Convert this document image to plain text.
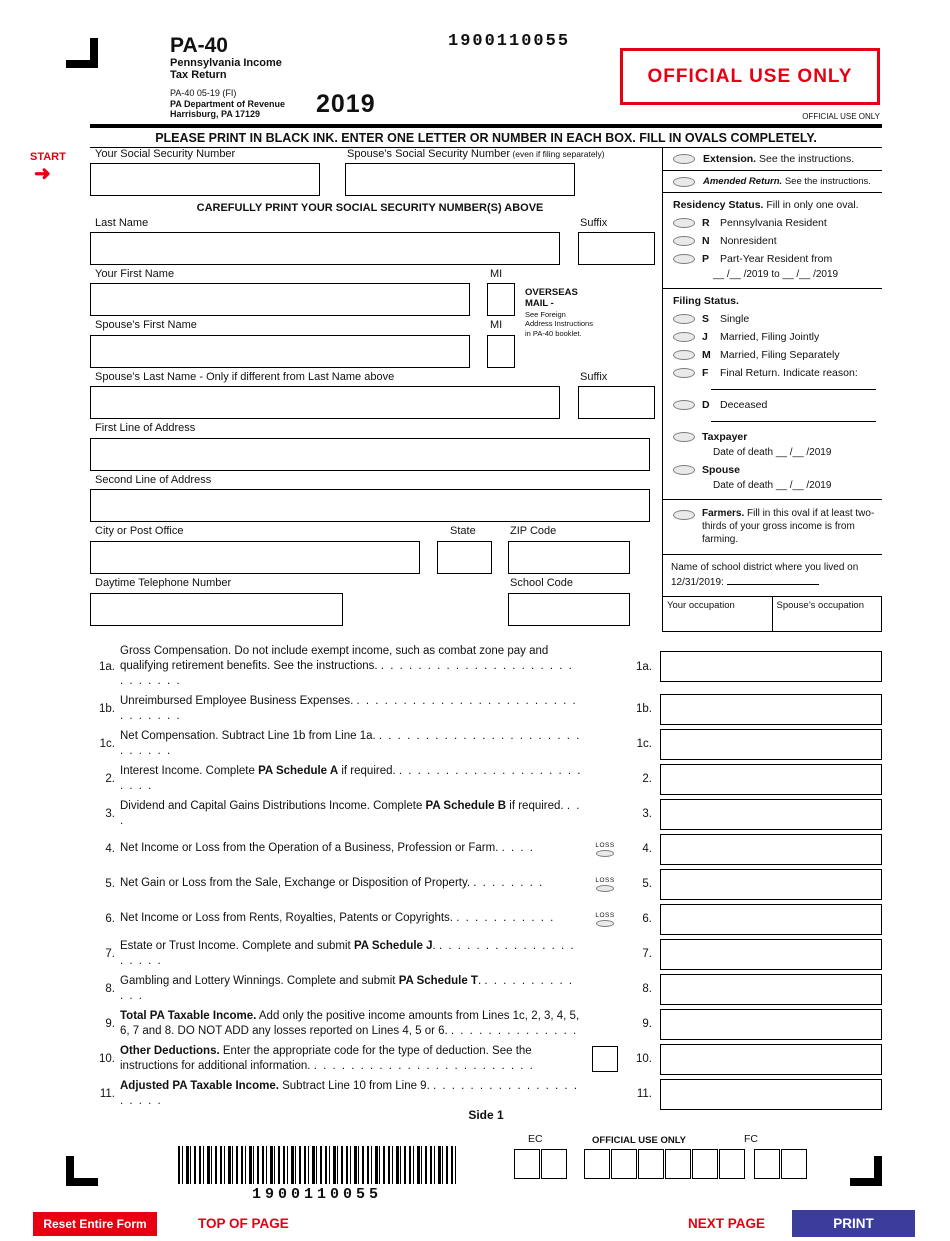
PA-40
Pennsylvania Income
Tax Return
PA-40 05-19 (FI)
PA Department of Revenue
Harrisburg, PA 17129 2019
1900110055
OFFICIAL USE ONLY
OFFICIAL USE ONLY
PLEASE PRINT IN BLACK INK. ENTER ONE LETTER OR NUMBER IN EACH BOX. FILL IN OVALS COMPLETELY.
START
➜
Your Social Security Number	Spouse’s Social Security Number (even if filing separately)
CAREFULLY PRINT YOUR SOCIAL SECURITY NUMBER(S) ABOVE
Last Name	Suffix
Your First Name	MI
OVERSEAS
MAIL -
See Foreign
Address Instructions
in PA-40 booklet.
Spouse’s First Name	MI
Spouse’s Last Name - Only if different from Last Name above	Suffix
First Line of Address
Second Line of Address
City or Post Office	State	ZIP Code
Daytime Telephone Number	School Code
Extension. See the instructions.
Amended Return. See the instructions.
Residency Status. Fill in only one oval.
R Pennsylvania Resident
N Nonresident
P	Part-Year Resident from
__ /__ /2019 to __ /__ /2019
Filing Status.
S	Single
J	Married, Filing Jointly
M Married, Filing Separately
F	Final Return. Indicate reason:
D Deceased
Taxpayer
Date of death __ /__ /2019
Spouse
Date of death __ /__ /2019
Farmers. Fill in this oval if at least two-thirds of your gross income is from farming.
Name of school district where you lived on 12/31/2019:
Your occupation	Spouse’s occupation
1a.
Gross Compensation. Do not include exempt income, such as combat zone pay and qualifying retirement benefits. See the instructions. . . . . . . . . . . . . . . . . . . . . . . . . . . . .
1a.
1b.
Unreimbursed Employee Business Expenses. . . . . . . . . . . . . . . . . . . . . . . . . . . . . . . .
1b.
1c.
Net Compensation. Subtract Line 1b from Line 1a. . . . . . . . . . . . . . . . . . . . . . . . . . . . .
1c.
2.
Interest Income. Complete PA Schedule A if required. . . . . . . . . . . . . . . . . . . . . . . . .
2.
3.
Dividend and Capital Gains Distributions Income. Complete PA Schedule B if required. . . .
3.
4. Net Income or Loss from the Operation of a Business, Profession or Farm. . . . .	LOSS	4.
5. Net Gain or Loss from the Sale, Exchange or Disposition of Property. . . . . . . . .	LOSS	5.
6. Net Income or Loss from Rents, Royalties, Patents or Copyrights. . . . . . . . . . . .	LOSS	6.
7.
Estate or Trust Income. Complete and submit PA Schedule J. . . . . . . . . . . . . . . . . . . . .
7.
8.
Gambling and Lottery Winnings. Complete and submit PA Schedule T. . . . . . . . . . . . . .
8.
9.
Total PA Taxable Income. Add only the positive income amounts from Lines 1c, 2, 3, 4, 5, 6, 7 and 8. DO NOT ADD any losses reported on Lines 4, 5 or 6. . . . . . . . . . . . . . .
9.
10.
Other Deductions. Enter the appropriate code for the type of deduction. See the instructions for additional information. . . . . . . . . . . . . . . . . . . . . . . . .
10.
11.
Adjusted PA Taxable Income. Subtract Line 10 from Line 9. . . . . . . . . . . . . . . . . . . . . .
11.
Side 1
1900110055
EC	OFFICIAL USE ONLY	FC
Reset Entire Form	TOP OF PAGE	NEXT PAGE	PRINT
